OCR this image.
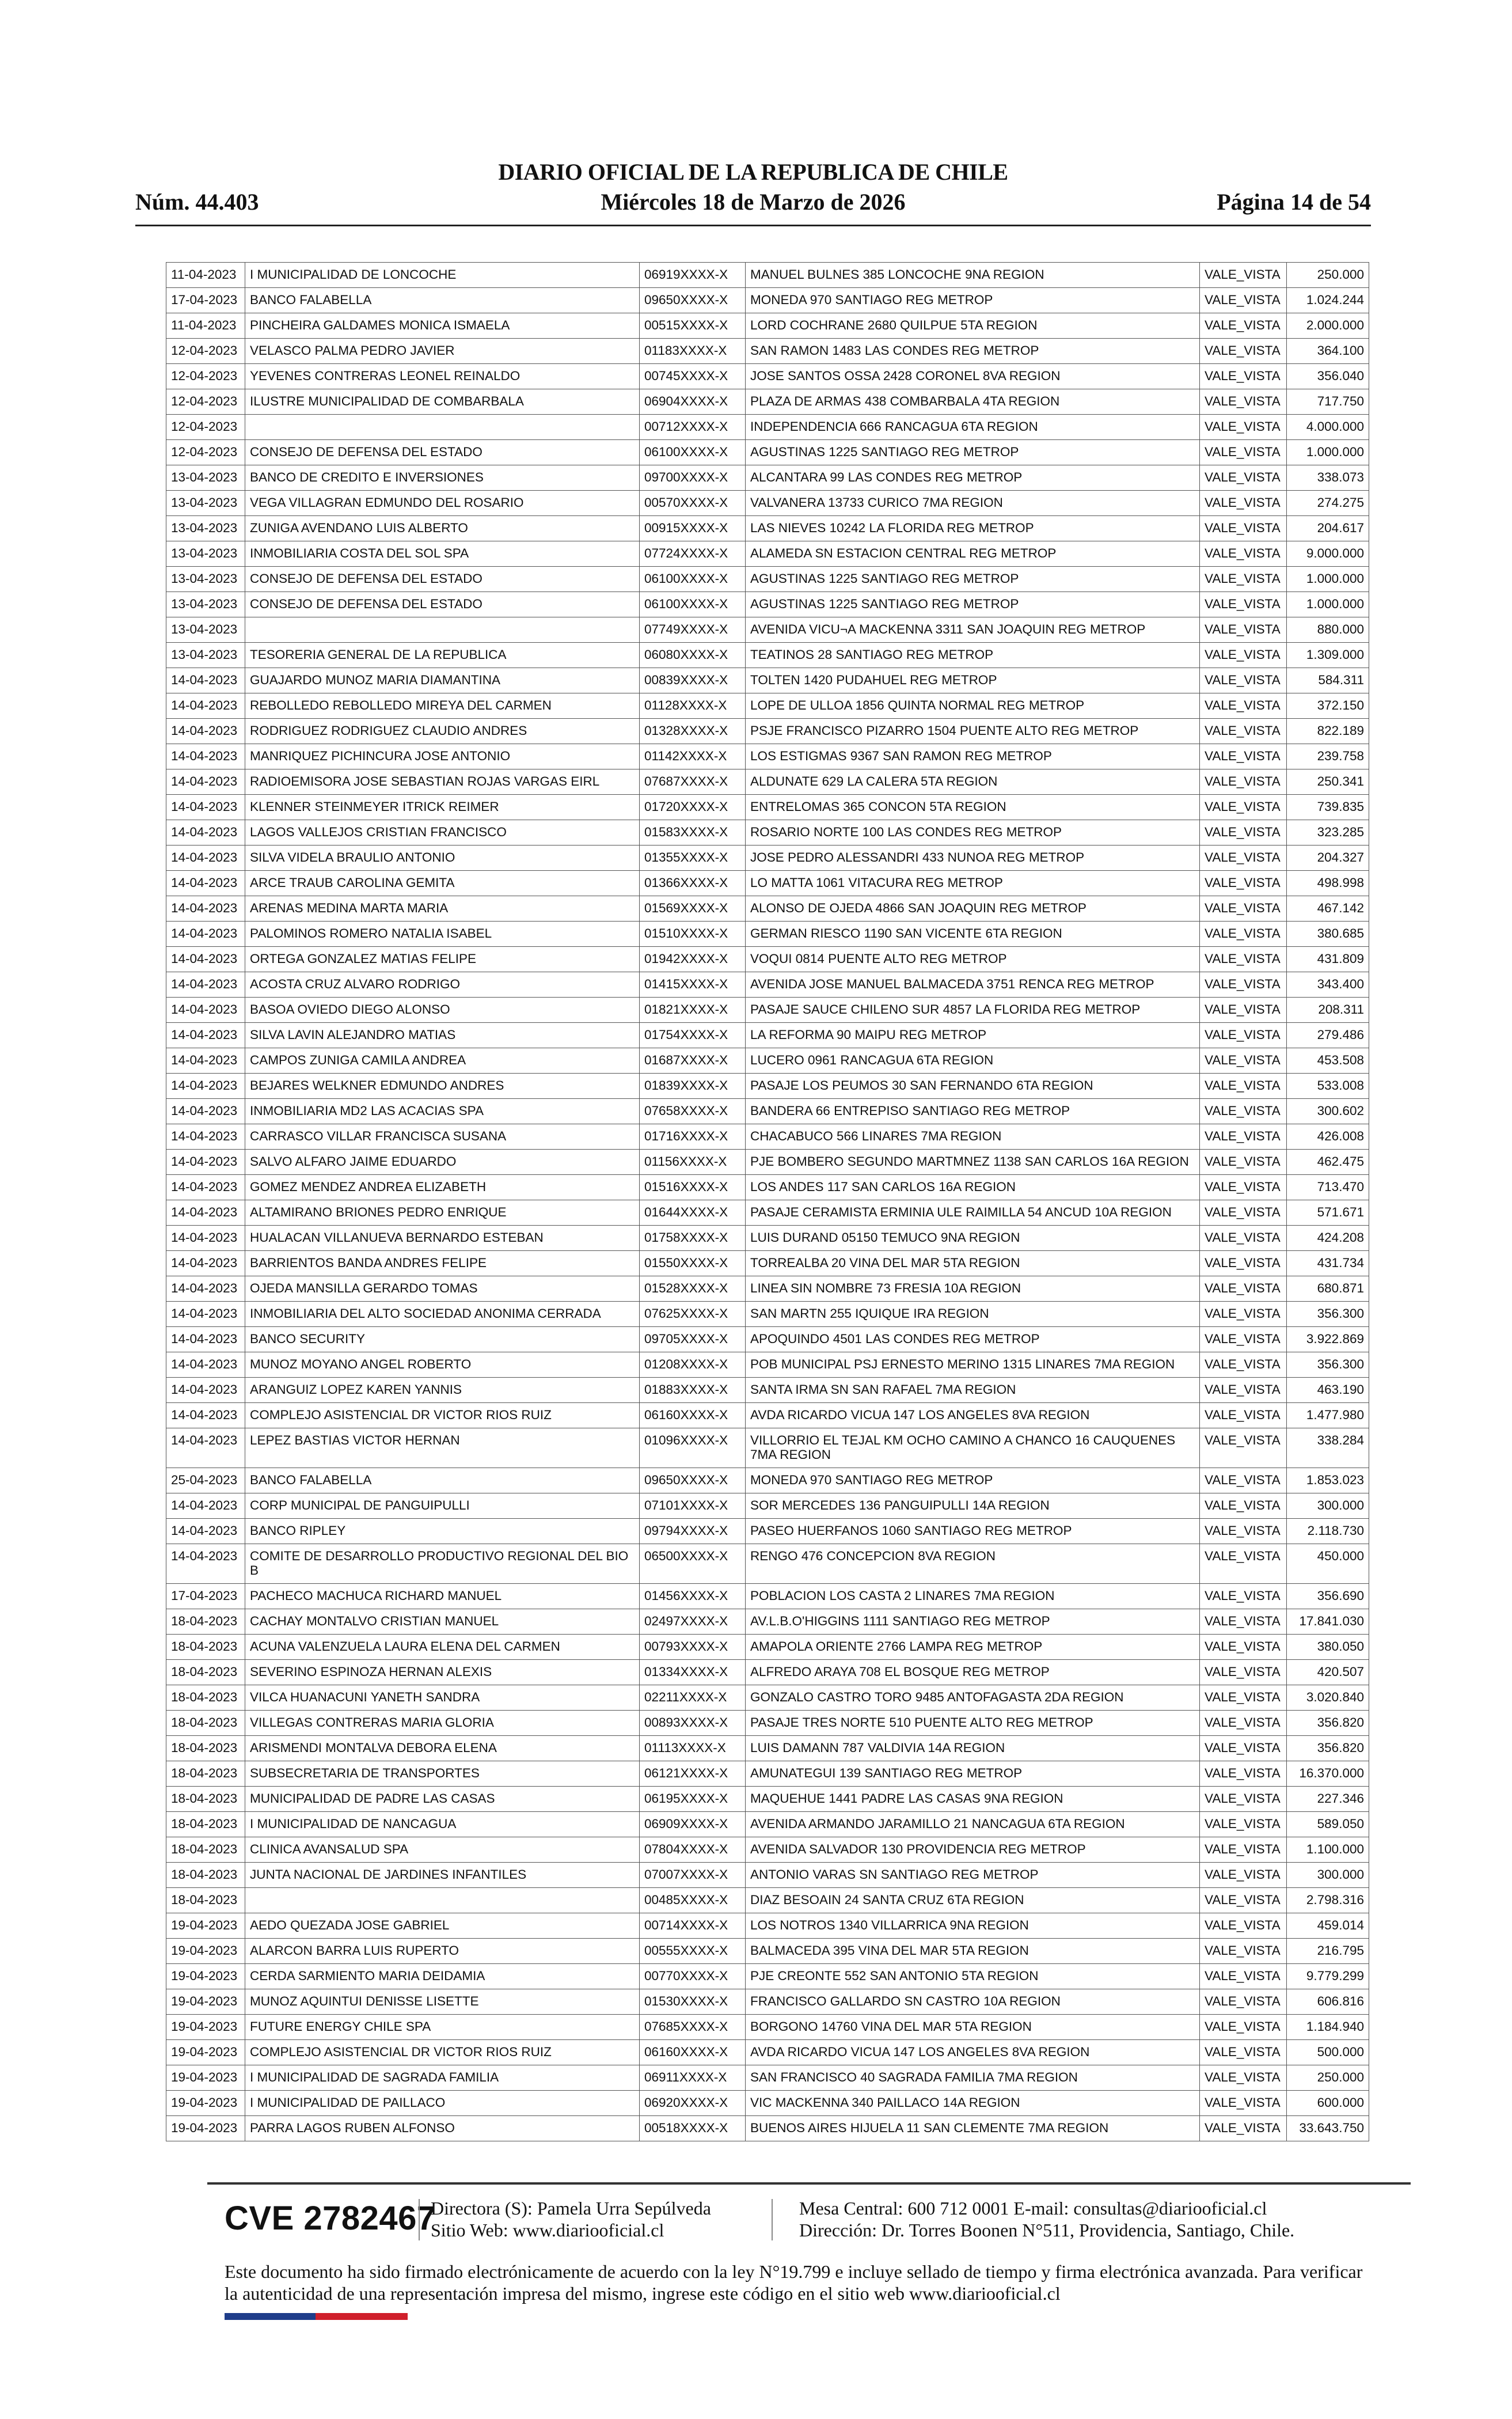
DIARIO OFICIAL DE LA REPUBLICA DE CHILE
Núm. 44.403	Miércoles 18 de Marzo de 2026	Página 14 de 54
11-04-2023	I MUNICIPALIDAD DE LONCOCHE	06919XXXX-X	MANUEL BULNES 385 LONCOCHE 9NA REGION	VALE_VISTA	250.000
17-04-2023	BANCO FALABELLA	09650XXXX-X	MONEDA 970 SANTIAGO REG METROP	VALE_VISTA	1.024.244
11-04-2023	PINCHEIRA GALDAMES MONICA ISMAELA	00515XXXX-X	LORD COCHRANE 2680 QUILPUE 5TA REGION	VALE_VISTA	2.000.000
12-04-2023	VELASCO PALMA PEDRO JAVIER	01183XXXX-X	SAN RAMON 1483 LAS CONDES REG METROP	VALE_VISTA	364.100
12-04-2023	YEVENES CONTRERAS LEONEL REINALDO	00745XXXX-X	JOSE SANTOS OSSA 2428 CORONEL 8VA REGION	VALE_VISTA	356.040
12-04-2023	ILUSTRE MUNICIPALIDAD DE COMBARBALA	06904XXXX-X	PLAZA DE ARMAS 438 COMBARBALA 4TA REGION	VALE_VISTA	717.750
12-04-2023		00712XXXX-X	INDEPENDENCIA 666 RANCAGUA 6TA REGION	VALE_VISTA	4.000.000
12-04-2023	CONSEJO DE DEFENSA DEL ESTADO	06100XXXX-X	AGUSTINAS 1225 SANTIAGO REG METROP	VALE_VISTA	1.000.000
13-04-2023	BANCO DE CREDITO E INVERSIONES	09700XXXX-X	ALCANTARA 99 LAS CONDES REG METROP	VALE_VISTA	338.073
13-04-2023	VEGA VILLAGRAN EDMUNDO DEL ROSARIO	00570XXXX-X	VALVANERA 13733 CURICO 7MA REGION	VALE_VISTA	274.275
13-04-2023	ZUNIGA AVENDANO LUIS ALBERTO	00915XXXX-X	LAS NIEVES 10242 LA FLORIDA REG METROP	VALE_VISTA	204.617
13-04-2023	INMOBILIARIA COSTA DEL SOL SPA	07724XXXX-X	ALAMEDA SN ESTACION CENTRAL REG METROP	VALE_VISTA	9.000.000
13-04-2023	CONSEJO DE DEFENSA DEL ESTADO	06100XXXX-X	AGUSTINAS 1225 SANTIAGO REG METROP	VALE_VISTA	1.000.000
13-04-2023	CONSEJO DE DEFENSA DEL ESTADO	06100XXXX-X	AGUSTINAS 1225 SANTIAGO REG METROP	VALE_VISTA	1.000.000
13-04-2023		07749XXXX-X	AVENIDA VICU¬A MACKENNA 3311 SAN JOAQUIN REG METROP	VALE_VISTA	880.000
13-04-2023	TESORERIA GENERAL DE LA REPUBLICA	06080XXXX-X	TEATINOS 28 SANTIAGO REG METROP	VALE_VISTA	1.309.000
14-04-2023	GUAJARDO MUNOZ MARIA DIAMANTINA	00839XXXX-X	TOLTEN 1420 PUDAHUEL REG METROP	VALE_VISTA	584.311
14-04-2023	REBOLLEDO REBOLLEDO MIREYA DEL CARMEN	01128XXXX-X	LOPE DE ULLOA 1856 QUINTA NORMAL REG METROP	VALE_VISTA	372.150
14-04-2023	RODRIGUEZ RODRIGUEZ CLAUDIO ANDRES	01328XXXX-X	PSJE FRANCISCO PIZARRO 1504 PUENTE ALTO REG METROP	VALE_VISTA	822.189
14-04-2023	MANRIQUEZ PICHINCURA JOSE ANTONIO	01142XXXX-X	LOS ESTIGMAS 9367 SAN RAMON REG METROP	VALE_VISTA	239.758
14-04-2023	RADIOEMISORA JOSE SEBASTIAN ROJAS VARGAS EIRL	07687XXXX-X	ALDUNATE 629 LA CALERA 5TA REGION	VALE_VISTA	250.341
14-04-2023	KLENNER STEINMEYER ITRICK REIMER	01720XXXX-X	ENTRELOMAS 365 CONCON 5TA REGION	VALE_VISTA	739.835
14-04-2023	LAGOS VALLEJOS CRISTIAN FRANCISCO	01583XXXX-X	ROSARIO NORTE 100 LAS CONDES REG METROP	VALE_VISTA	323.285
14-04-2023	SILVA VIDELA BRAULIO ANTONIO	01355XXXX-X	JOSE PEDRO ALESSANDRI 433 NUNOA REG METROP	VALE_VISTA	204.327
14-04-2023	ARCE TRAUB CAROLINA GEMITA	01366XXXX-X	LO MATTA 1061 VITACURA REG METROP	VALE_VISTA	498.998
14-04-2023	ARENAS MEDINA MARTA MARIA	01569XXXX-X	ALONSO DE OJEDA 4866 SAN JOAQUIN REG METROP	VALE_VISTA	467.142
14-04-2023	PALOMINOS ROMERO NATALIA ISABEL	01510XXXX-X	GERMAN RIESCO 1190 SAN VICENTE 6TA REGION	VALE_VISTA	380.685
14-04-2023	ORTEGA GONZALEZ MATIAS FELIPE	01942XXXX-X	VOQUI 0814 PUENTE ALTO REG METROP	VALE_VISTA	431.809
14-04-2023	ACOSTA CRUZ ALVARO RODRIGO	01415XXXX-X	AVENIDA JOSE MANUEL BALMACEDA 3751 RENCA REG METROP	VALE_VISTA	343.400
14-04-2023	BASOA OVIEDO DIEGO ALONSO	01821XXXX-X	PASAJE SAUCE CHILENO SUR 4857 LA FLORIDA REG METROP	VALE_VISTA	208.311
14-04-2023	SILVA LAVIN ALEJANDRO MATIAS	01754XXXX-X	LA REFORMA 90 MAIPU REG METROP	VALE_VISTA	279.486
14-04-2023	CAMPOS ZUNIGA CAMILA ANDREA	01687XXXX-X	LUCERO 0961 RANCAGUA 6TA REGION	VALE_VISTA	453.508
14-04-2023	BEJARES WELKNER EDMUNDO ANDRES	01839XXXX-X	PASAJE LOS PEUMOS 30 SAN FERNANDO 6TA REGION	VALE_VISTA	533.008
14-04-2023	INMOBILIARIA MD2 LAS ACACIAS SPA	07658XXXX-X	BANDERA 66 ENTREPISO SANTIAGO REG METROP	VALE_VISTA	300.602
14-04-2023	CARRASCO VILLAR FRANCISCA SUSANA	01716XXXX-X	CHACABUCO 566 LINARES 7MA REGION	VALE_VISTA	426.008
14-04-2023	SALVO ALFARO JAIME EDUARDO	01156XXXX-X	PJE BOMBERO SEGUNDO MARTMNEZ 1138 SAN CARLOS 16A REGION	VALE_VISTA	462.475
14-04-2023	GOMEZ MENDEZ ANDREA ELIZABETH	01516XXXX-X	LOS ANDES 117 SAN CARLOS 16A REGION	VALE_VISTA	713.470
14-04-2023	ALTAMIRANO BRIONES PEDRO ENRIQUE	01644XXXX-X	PASAJE CERAMISTA ERMINIA ULE RAIMILLA 54 ANCUD 10A REGION	VALE_VISTA	571.671
14-04-2023	HUALACAN VILLANUEVA BERNARDO ESTEBAN	01758XXXX-X	LUIS DURAND 05150 TEMUCO 9NA REGION	VALE_VISTA	424.208
14-04-2023	BARRIENTOS BANDA ANDRES FELIPE	01550XXXX-X	TORREALBA 20 VINA DEL MAR 5TA REGION	VALE_VISTA	431.734
14-04-2023	OJEDA MANSILLA GERARDO TOMAS	01528XXXX-X	LINEA SIN NOMBRE 73 FRESIA 10A REGION	VALE_VISTA	680.871
14-04-2023	INMOBILIARIA DEL ALTO SOCIEDAD ANONIMA CERRADA	07625XXXX-X	SAN MARTN 255 IQUIQUE IRA REGION	VALE_VISTA	356.300
14-04-2023	BANCO SECURITY	09705XXXX-X	APOQUINDO 4501 LAS CONDES REG METROP	VALE_VISTA	3.922.869
14-04-2023	MUNOZ MOYANO ANGEL ROBERTO	01208XXXX-X	POB MUNICIPAL PSJ ERNESTO MERINO 1315 LINARES 7MA REGION	VALE_VISTA	356.300
14-04-2023	ARANGUIZ LOPEZ KAREN YANNIS	01883XXXX-X	SANTA IRMA SN SAN RAFAEL 7MA REGION	VALE_VISTA	463.190
14-04-2023	COMPLEJO ASISTENCIAL DR VICTOR RIOS RUIZ	06160XXXX-X	AVDA RICARDO VICUA 147 LOS ANGELES 8VA REGION	VALE_VISTA	1.477.980
14-04-2023	LEPEZ BASTIAS VICTOR HERNAN	01096XXXX-X	VILLORRIO EL TEJAL KM OCHO CAMINO A CHANCO 16 CAUQUENES 7MA REGION	VALE_VISTA	338.284
25-04-2023	BANCO FALABELLA	09650XXXX-X	MONEDA 970 SANTIAGO REG METROP	VALE_VISTA	1.853.023
14-04-2023	CORP MUNICIPAL DE PANGUIPULLI	07101XXXX-X	SOR MERCEDES 136 PANGUIPULLI 14A REGION	VALE_VISTA	300.000
14-04-2023	BANCO RIPLEY	09794XXXX-X	PASEO HUERFANOS 1060 SANTIAGO REG METROP	VALE_VISTA	2.118.730
14-04-2023	COMITE DE DESARROLLO PRODUCTIVO REGIONAL DEL BIO B	06500XXXX-X	RENGO 476 CONCEPCION 8VA REGION	VALE_VISTA	450.000
17-04-2023	PACHECO MACHUCA RICHARD MANUEL	01456XXXX-X	POBLACION LOS CASTA 2 LINARES 7MA REGION	VALE_VISTA	356.690
18-04-2023	CACHAY MONTALVO CRISTIAN MANUEL	02497XXXX-X	AV.L.B.O'HIGGINS 1111 SANTIAGO REG METROP	VALE_VISTA	17.841.030
18-04-2023	ACUNA VALENZUELA LAURA ELENA DEL CARMEN	00793XXXX-X	AMAPOLA ORIENTE 2766 LAMPA REG METROP	VALE_VISTA	380.050
18-04-2023	SEVERINO ESPINOZA HERNAN ALEXIS	01334XXXX-X	ALFREDO ARAYA 708 EL BOSQUE REG METROP	VALE_VISTA	420.507
18-04-2023	VILCA HUANACUNI YANETH SANDRA	02211XXXX-X	GONZALO CASTRO TORO 9485 ANTOFAGASTA 2DA REGION	VALE_VISTA	3.020.840
18-04-2023	VILLEGAS CONTRERAS MARIA GLORIA	00893XXXX-X	PASAJE TRES NORTE 510 PUENTE ALTO REG METROP	VALE_VISTA	356.820
18-04-2023	ARISMENDI MONTALVA DEBORA ELENA	01113XXXX-X	LUIS DAMANN 787 VALDIVIA 14A REGION	VALE_VISTA	356.820
18-04-2023	SUBSECRETARIA DE TRANSPORTES	06121XXXX-X	AMUNATEGUI 139 SANTIAGO REG METROP	VALE_VISTA	16.370.000
18-04-2023	MUNICIPALIDAD DE PADRE LAS CASAS	06195XXXX-X	MAQUEHUE 1441 PADRE LAS CASAS 9NA REGION	VALE_VISTA	227.346
18-04-2023	I MUNICIPALIDAD DE NANCAGUA	06909XXXX-X	AVENIDA ARMANDO JARAMILLO 21 NANCAGUA 6TA REGION	VALE_VISTA	589.050
18-04-2023	CLINICA AVANSALUD SPA	07804XXXX-X	AVENIDA SALVADOR 130 PROVIDENCIA REG METROP	VALE_VISTA	1.100.000
18-04-2023	JUNTA NACIONAL DE JARDINES INFANTILES	07007XXXX-X	ANTONIO VARAS SN SANTIAGO REG METROP	VALE_VISTA	300.000
18-04-2023		00485XXXX-X	DIAZ BESOAIN 24 SANTA CRUZ 6TA REGION	VALE_VISTA	2.798.316
19-04-2023	AEDO QUEZADA JOSE GABRIEL	00714XXXX-X	LOS NOTROS 1340 VILLARRICA 9NA REGION	VALE_VISTA	459.014
19-04-2023	ALARCON BARRA LUIS RUPERTO	00555XXXX-X	BALMACEDA 395 VINA DEL MAR 5TA REGION	VALE_VISTA	216.795
19-04-2023	CERDA SARMIENTO MARIA DEIDAMIA	00770XXXX-X	PJE CREONTE 552 SAN ANTONIO 5TA REGION	VALE_VISTA	9.779.299
19-04-2023	MUNOZ AQUINTUI DENISSE LISETTE	01530XXXX-X	FRANCISCO GALLARDO SN CASTRO 10A REGION	VALE_VISTA	606.816
19-04-2023	FUTURE ENERGY CHILE SPA	07685XXXX-X	BORGONO 14760 VINA DEL MAR 5TA REGION	VALE_VISTA	1.184.940
19-04-2023	COMPLEJO ASISTENCIAL DR VICTOR RIOS RUIZ	06160XXXX-X	AVDA RICARDO VICUA 147 LOS ANGELES 8VA REGION	VALE_VISTA	500.000
19-04-2023	I MUNICIPALIDAD DE SAGRADA FAMILIA	06911XXXX-X	SAN FRANCISCO 40 SAGRADA FAMILIA 7MA REGION	VALE_VISTA	250.000
19-04-2023	I MUNICIPALIDAD DE PAILLACO	06920XXXX-X	VIC MACKENNA 340 PAILLACO 14A REGION	VALE_VISTA	600.000
19-04-2023	PARRA LAGOS RUBEN ALFONSO	00518XXXX-X	BUENOS AIRES HIJUELA 11 SAN CLEMENTE 7MA REGION	VALE_VISTA	33.643.750
CVE 2782467
Directora (S): Pamela Urra Sepúlveda
Sitio Web: www.diariooficial.cl
Mesa Central: 600 712 0001 E-mail: consultas@diariooficial.cl
Dirección: Dr. Torres Boonen N°511, Providencia, Santiago, Chile.
Este documento ha sido firmado electrónicamente de acuerdo con la ley N°19.799 e incluye sellado de tiempo y firma electrónica avanzada. Para verificar la autenticidad de una representación impresa del mismo, ingrese este código en el sitio web www.diariooficial.cl
